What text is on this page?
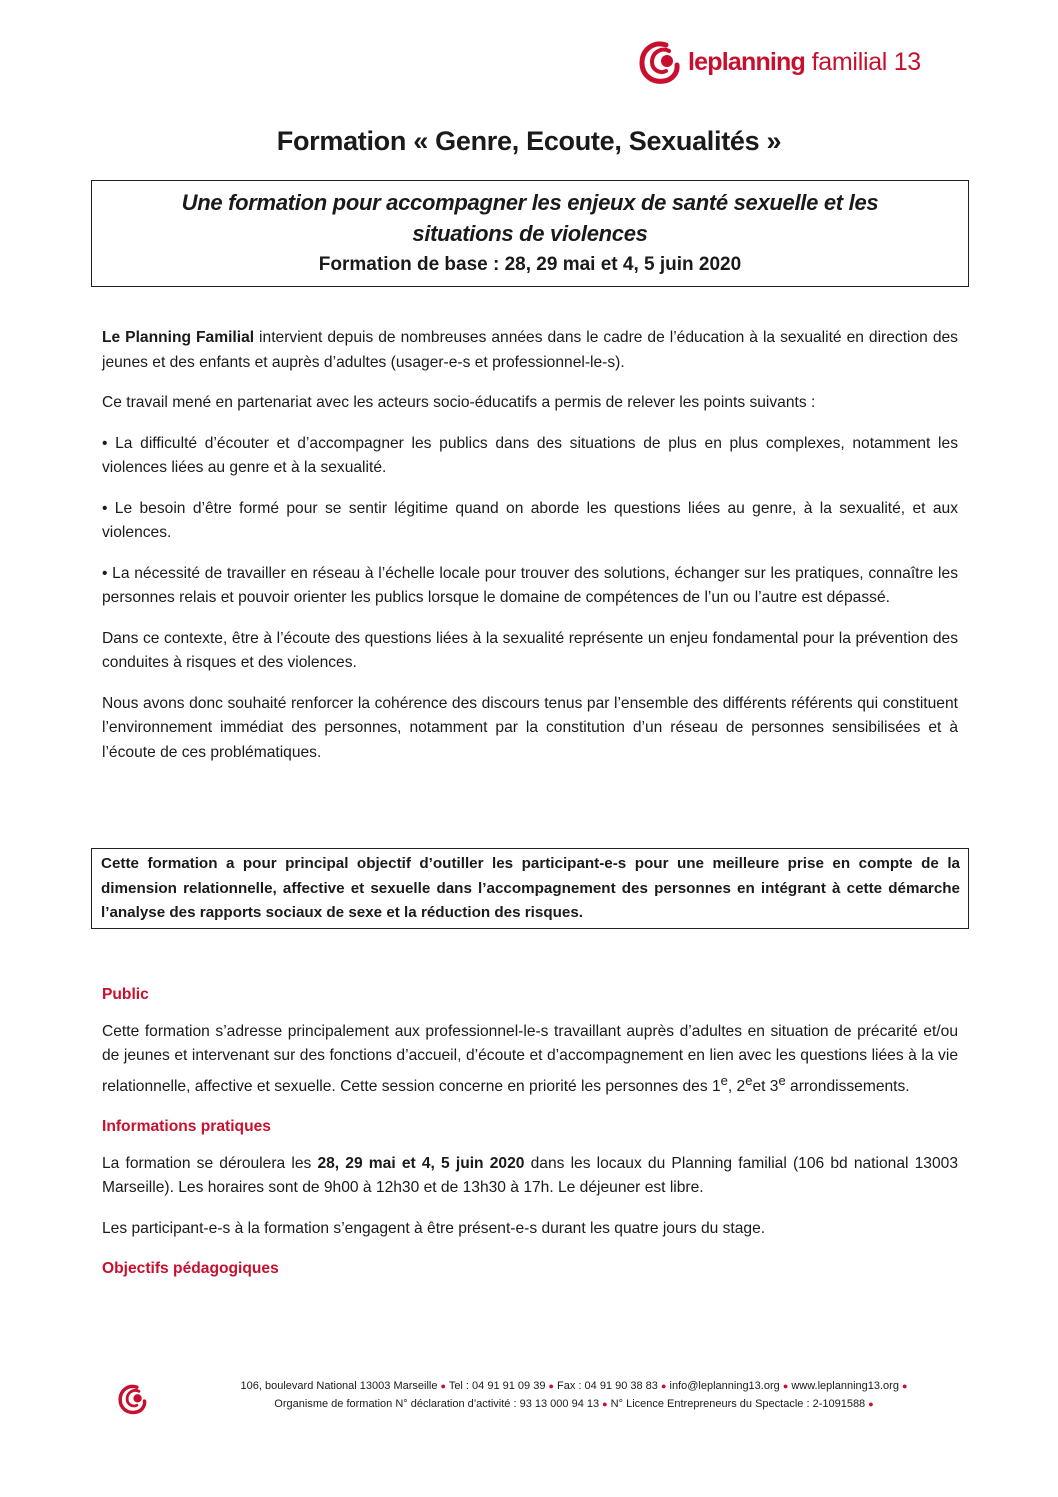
leplanning familial 13
Formation « Genre, Ecoute, Sexualités »
Une formation pour accompagner les enjeux de santé sexuelle et les
situations de violences
Formation de base : 28, 29 mai et 4, 5 juin 2020

Le Planning Familial intervient depuis de nombreuses années dans le cadre de l’éducation à la sexualité en direction des jeunes et des enfants et auprès d’adultes (usager-e-s et professionnel-le-s).

Ce travail mené en partenariat avec les acteurs socio-éducatifs a permis de relever les points suivants :

• La difficulté d’écouter et d’accompagner les publics dans des situations de plus en plus complexes, notamment les violences liées au genre et à la sexualité.

• Le besoin d’être formé pour se sentir légitime quand on aborde les questions liées au genre, à la sexualité, et aux violences.

• La nécessité de travailler en réseau à l’échelle locale pour trouver des solutions, échanger sur les pratiques, connaître les personnes relais et pouvoir orienter les publics lorsque le domaine de compétences de l’un ou l’autre est dépassé.

Dans ce contexte, être à l’écoute des questions liées à la sexualité représente un enjeu fondamental pour la prévention des conduites à risques et des violences.

Nous avons donc souhaité renforcer la cohérence des discours tenus par l’ensemble des différents référents qui constituent l’environnement immédiat des personnes, notamment par la constitution d’un réseau de personnes sensibilisées et à l’écoute de ces problématiques.

Cette formation a pour principal objectif d’outiller les participant-e-s pour une meilleure prise en compte de la dimension relationnelle, affective et sexuelle dans l’accompagnement des personnes en intégrant à cette démarche l’analyse des rapports sociaux de sexe et la réduction des risques.
Public

Cette formation s’adresse principalement aux professionnel-le-s travaillant auprès d’adultes en situation de précarité et/ou de jeunes et intervenant sur des fonctions d’accueil, d’écoute et d’accompagnement en lien avec les questions liées à la vie relationnelle, affective et sexuelle. Cette session concerne en priorité les personnes des 1e, 2eet 3e arrondissements.

Informations pratiques

La formation se déroulera les 28, 29 mai et 4, 5 juin 2020 dans les locaux du Planning familial (106 bd national 13003 Marseille). Les horaires sont de 9h00 à 12h30 et de 13h30 à 17h. Le déjeuner est libre.

Les participant-e-s à la formation s’engagent à être présent-e-s durant les quatre jours du stage.

Objectifs pédagogiques
106, boulevard National 13003 Marseille ● Tel : 04 91 91 09 39 ● Fax : 04 91 90 38 83 ● info@leplanning13.org ● www.leplanning13.org ●
Organisme de formation N° déclaration d’activité : 93 13 000 94 13 ● N° Licence Entrepreneurs du Spectacle : 2-1091588 ●
